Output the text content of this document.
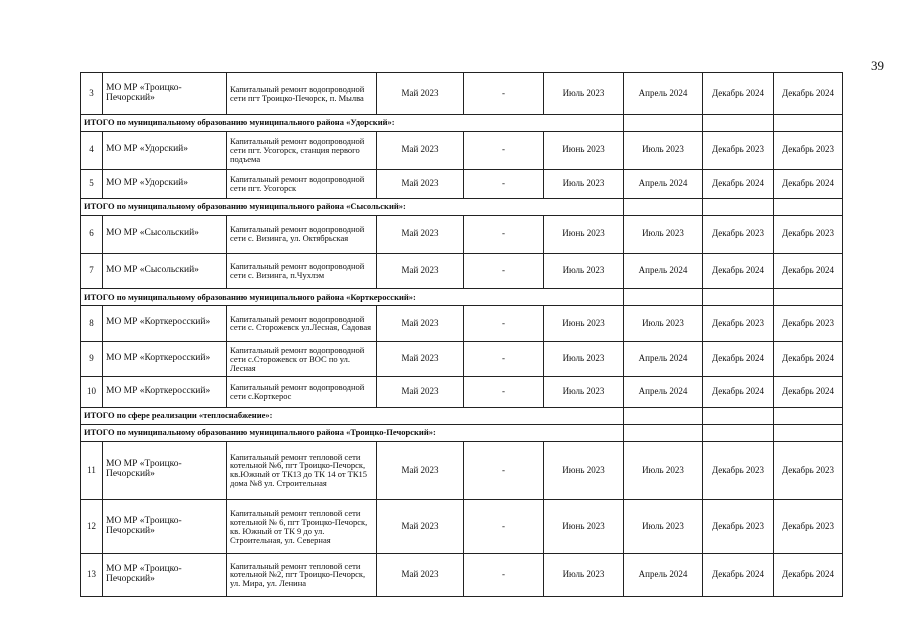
39
3	МО МР «Троицко-Печорский»	Капитальный ремонт водопроводной сети пгт Троицко-Печорск, п. Мылва	Май 2023	-	Июль 2023	Апрель 2024	Декабрь 2024	Декабрь 2024
ИТОГО по муниципальному образованию муниципального района «Удорский»:								
4	МО МР «Удорский»	Капитальный ремонт водопроводной сети пгт. Усогорск, станция первого подъема	Май 2023	-	Июнь 2023	Июль 2023	Декабрь 2023	Декабрь 2023
5	МО МР «Удорский»	Капитальный ремонт водопроводной сети пгт. Усогорск	Май 2023	-	Июль 2023	Апрель 2024	Декабрь 2024	Декабрь 2024
ИТОГО по муниципальному образованию муниципального района «Сысольский»:								
6	МО МР «Сысольский»	Капитальный ремонт водопроводной сети с. Визинга, ул. Октябрьская	Май 2023	-	Июнь 2023	Июль 2023	Декабрь 2023	Декабрь 2023
7	МО МР «Сысольский»	Капитальный ремонт водопроводной сети с. Визинга, п.Чухлэм	Май 2023	-	Июль 2023	Апрель 2024	Декабрь 2024	Декабрь 2024
ИТОГО по муниципальному образованию муниципального района «Корткеросский»:								
8	МО МР «Корткеросский»	Капитальный ремонт водопроводной сети с. Сторожевск ул.Лесная, Садовая	Май 2023	-	Июнь 2023	Июль 2023	Декабрь 2023	Декабрь 2023
9	МО МР «Корткеросский»	Капитальный ремонт водопроводной сети с.Сторожевск от ВОС по ул. Лесная	Май 2023	-	Июль 2023	Апрель 2024	Декабрь 2024	Декабрь 2024
10	МО МР «Корткеросский»	Капитальный ремонт водопроводной сети с.Корткерос	Май 2023	-	Июль 2023	Апрель 2024	Декабрь 2024	Декабрь 2024
ИТОГО по сфере реализации «теплоснабжение»:								
ИТОГО по муниципальному образованию муниципального района «Троицко-Печорский»:								
11	МО МР «Троицко-Печорский»	Капитальный ремонт тепловой сети котельной №6, пгт Троицко-Печорск, кв.Южный от ТК13 до ТК 14 от ТК15 дома №8 ул. Строительная	Май 2023	-	Июнь 2023	Июль 2023	Декабрь 2023	Декабрь 2023
12	МО МР «Троицко-Печорский»	Капитальный ремонт тепловой сети котельной № 6, пгт Троицко-Печорск, кв. Южный от ТК 9 до ул. Строительная, ул. Северная	Май 2023	-	Июнь 2023	Июль 2023	Декабрь 2023	Декабрь 2023
13	МО МР «Троицко-Печорский»	Капитальный ремонт тепловой сети котельной №2, пгт Троицко-Печорск, ул. Мира, ул. Ленина	Май 2023	-	Июль 2023	Апрель 2024	Декабрь 2024	Декабрь 2024
